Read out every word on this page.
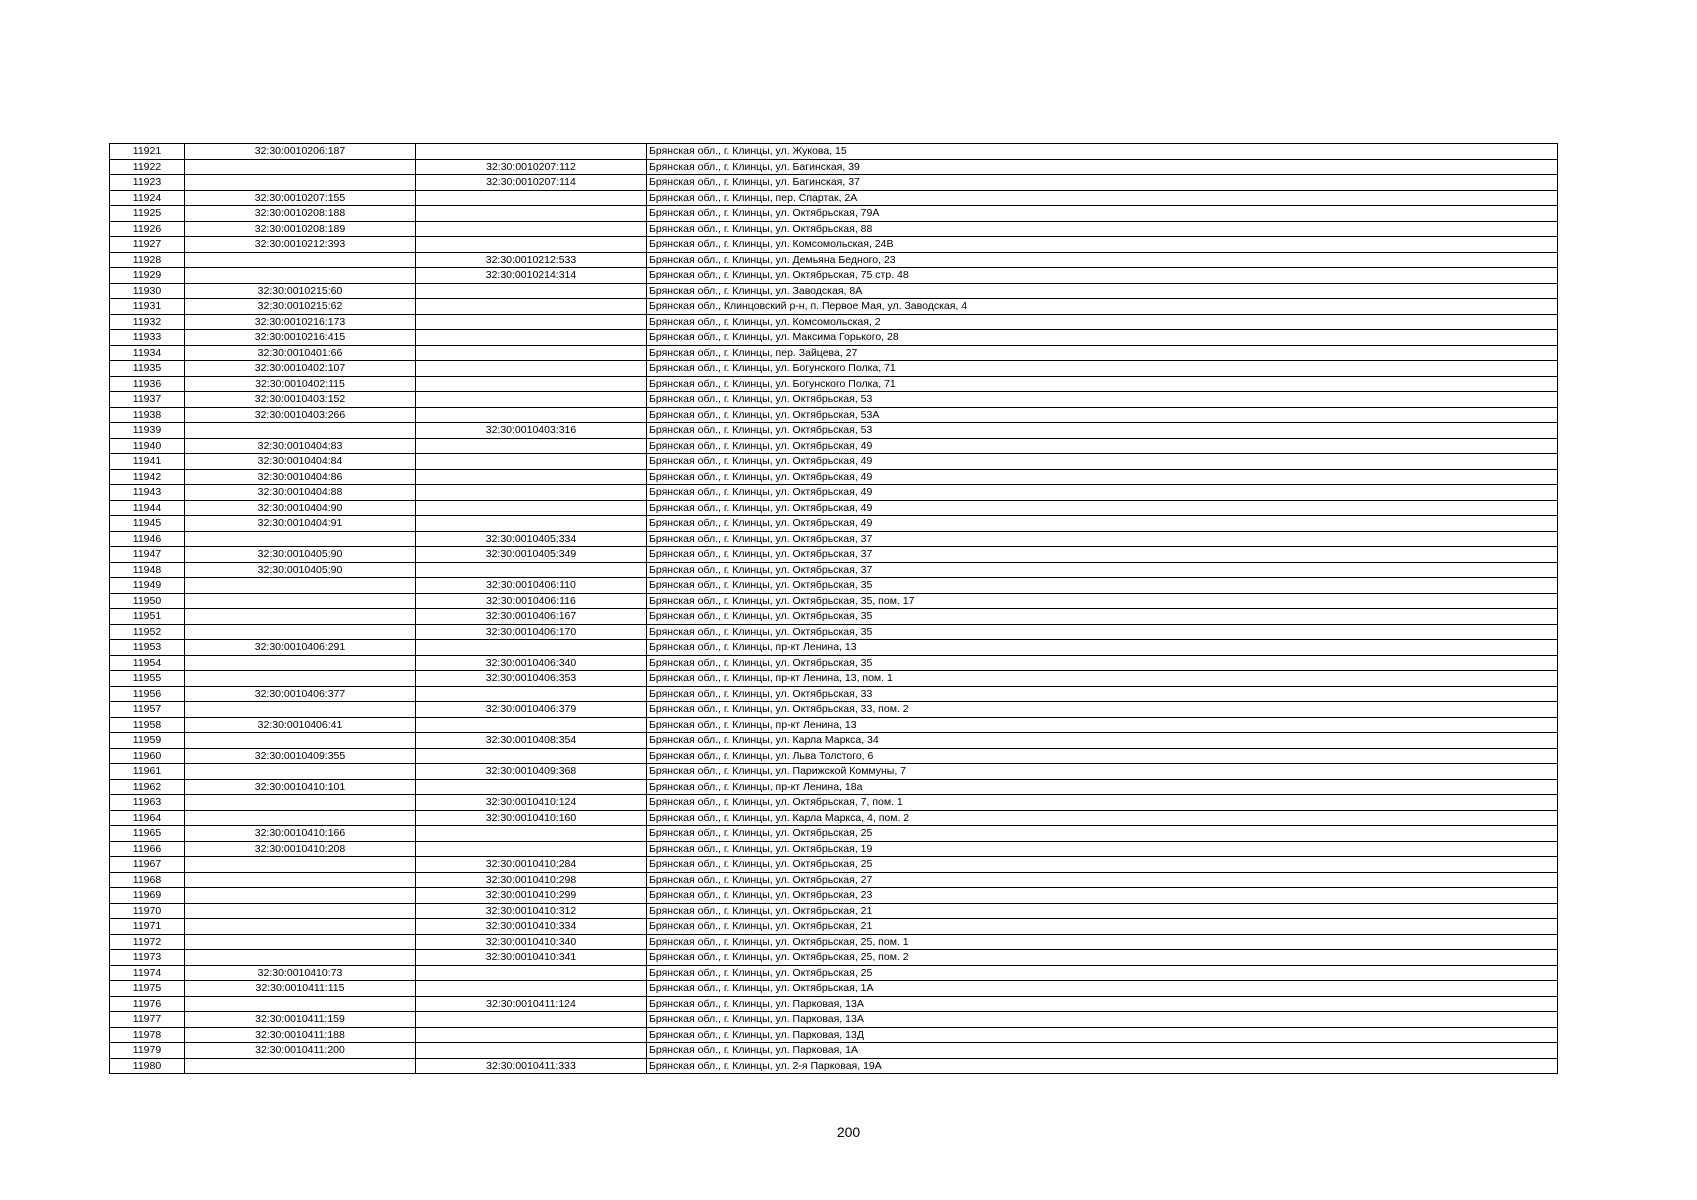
11921	32:30:0010206:187		Брянская обл., г. Клинцы, ул. Жукова, 15
11922		32:30:0010207:112	Брянская обл., г. Клинцы, ул. Багинская, 39
11923		32:30:0010207:114	Брянская обл., г. Клинцы, ул. Багинская, 37
11924	32:30:0010207:155		Брянская обл., г. Клинцы, пер. Спартак, 2А
11925	32:30:0010208:188		Брянская обл., г. Клинцы, ул. Октябрьская, 79А
11926	32:30:0010208:189		Брянская обл., г. Клинцы, ул. Октябрьская, 88
11927	32:30:0010212:393		Брянская обл., г. Клинцы, ул. Комсомольская, 24В
11928		32:30:0010212:533	Брянская обл., г. Клинцы, ул. Демьяна Бедного, 23
11929		32:30:0010214:314	Брянская обл., г. Клинцы, ул. Октябрьская, 75 стр. 48
11930	32:30:0010215:60		Брянская обл., г. Клинцы, ул. Заводская, 8А
11931	32:30:0010215:62		Брянская обл., Клинцовский р-н, п. Первое Мая, ул. Заводская, 4
11932	32:30:0010216:173		Брянская обл., г. Клинцы, ул. Комсомольская, 2
11933	32:30:0010216:415		Брянская обл., г. Клинцы, ул. Максима Горького, 28
11934	32:30:0010401:66		Брянская обл., г. Клинцы, пер. Зайцева, 27
11935	32:30:0010402:107		Брянская обл., г. Клинцы, ул. Богунского Полка, 71
11936	32:30:0010402:115		Брянская обл., г. Клинцы, ул. Богунского Полка, 71
11937	32:30:0010403:152		Брянская обл., г. Клинцы, ул. Октябрьская, 53
11938	32:30:0010403:266		Брянская обл., г. Клинцы, ул. Октябрьская, 53А
11939		32:30:0010403:316	Брянская обл., г. Клинцы, ул. Октябрьская, 53
11940	32:30:0010404:83		Брянская обл., г. Клинцы, ул. Октябрьская, 49
11941	32:30:0010404:84		Брянская обл., г. Клинцы, ул. Октябрьская, 49
11942	32:30:0010404:86		Брянская обл., г. Клинцы, ул. Октябрьская, 49
11943	32:30:0010404:88		Брянская обл., г. Клинцы, ул. Октябрьская, 49
11944	32:30:0010404:90		Брянская обл., г. Клинцы, ул. Октябрьская, 49
11945	32:30:0010404:91		Брянская обл., г. Клинцы, ул. Октябрьская, 49
11946		32:30:0010405:334	Брянская обл., г. Клинцы, ул. Октябрьская, 37
11947	32:30:0010405:90	32:30:0010405:349	Брянская обл., г. Клинцы, ул. Октябрьская, 37
11948	32:30:0010405:90		Брянская обл., г. Клинцы, ул. Октябрьская, 37
11949		32:30:0010406:110	Брянская обл., г. Клинцы, ул. Октябрьская, 35
11950		32:30:0010406:116	Брянская обл., г. Клинцы, ул. Октябрьская, 35, пом. 17
11951		32:30:0010406:167	Брянская обл., г. Клинцы, ул. Октябрьская, 35
11952		32:30:0010406:170	Брянская обл., г. Клинцы, ул. Октябрьская, 35
11953	32:30:0010406:291		Брянская обл., г. Клинцы, пр-кт Ленина, 13
11954		32:30:0010406:340	Брянская обл., г. Клинцы, ул. Октябрьская, 35
11955		32:30:0010406:353	Брянская обл., г. Клинцы, пр-кт Ленина, 13, пом. 1
11956	32:30:0010406:377		Брянская обл., г. Клинцы, ул. Октябрьская, 33
11957		32:30:0010406:379	Брянская обл., г. Клинцы, ул. Октябрьская, 33, пом. 2
11958	32:30:0010406:41		Брянская обл., г. Клинцы, пр-кт Ленина, 13
11959		32:30:0010408:354	Брянская обл., г. Клинцы, ул. Карла Маркса, 34
11960	32:30:0010409:355		Брянская обл., г. Клинцы, ул. Льва Толстого, 6
11961		32:30:0010409:368	Брянская обл., г. Клинцы, ул. Парижской Коммуны, 7
11962	32:30:0010410:101		Брянская обл., г. Клинцы, пр-кт Ленина, 18а
11963		32:30:0010410:124	Брянская обл., г. Клинцы, ул. Октябрьская, 7, пом. 1
11964		32:30:0010410:160	Брянская обл., г. Клинцы, ул. Карла Маркса, 4, пом. 2
11965	32:30:0010410:166		Брянская обл., г. Клинцы, ул. Октябрьская, 25
11966	32:30:0010410:208		Брянская обл., г. Клинцы, ул. Октябрьская, 19
11967		32:30:0010410:284	Брянская обл., г. Клинцы, ул. Октябрьская, 25
11968		32:30:0010410:298	Брянская обл., г. Клинцы, ул. Октябрьская, 27
11969		32:30:0010410:299	Брянская обл., г. Клинцы, ул. Октябрьская, 23
11970		32:30:0010410:312	Брянская обл., г. Клинцы, ул. Октябрьская, 21
11971		32:30:0010410:334	Брянская обл., г. Клинцы, ул. Октябрьская, 21
11972		32:30:0010410:340	Брянская обл., г. Клинцы, ул. Октябрьская, 25, пом. 1
11973		32:30:0010410:341	Брянская обл., г. Клинцы, ул. Октябрьская, 25, пом. 2
11974	32:30:0010410:73		Брянская обл., г. Клинцы, ул. Октябрьская, 25
11975	32:30:0010411:115		Брянская обл., г. Клинцы, ул. Октябрьская, 1А
11976		32:30:0010411:124	Брянская обл., г. Клинцы, ул. Парковая, 13А
11977	32:30:0010411:159		Брянская обл., г. Клинцы, ул. Парковая, 13А
11978	32:30:0010411:188		Брянская обл., г. Клинцы, ул. Парковая, 13Д
11979	32:30:0010411:200		Брянская обл., г. Клинцы, ул. Парковая, 1А
11980		32:30:0010411:333	Брянская обл., г. Клинцы, ул. 2-я Парковая, 19А
200
